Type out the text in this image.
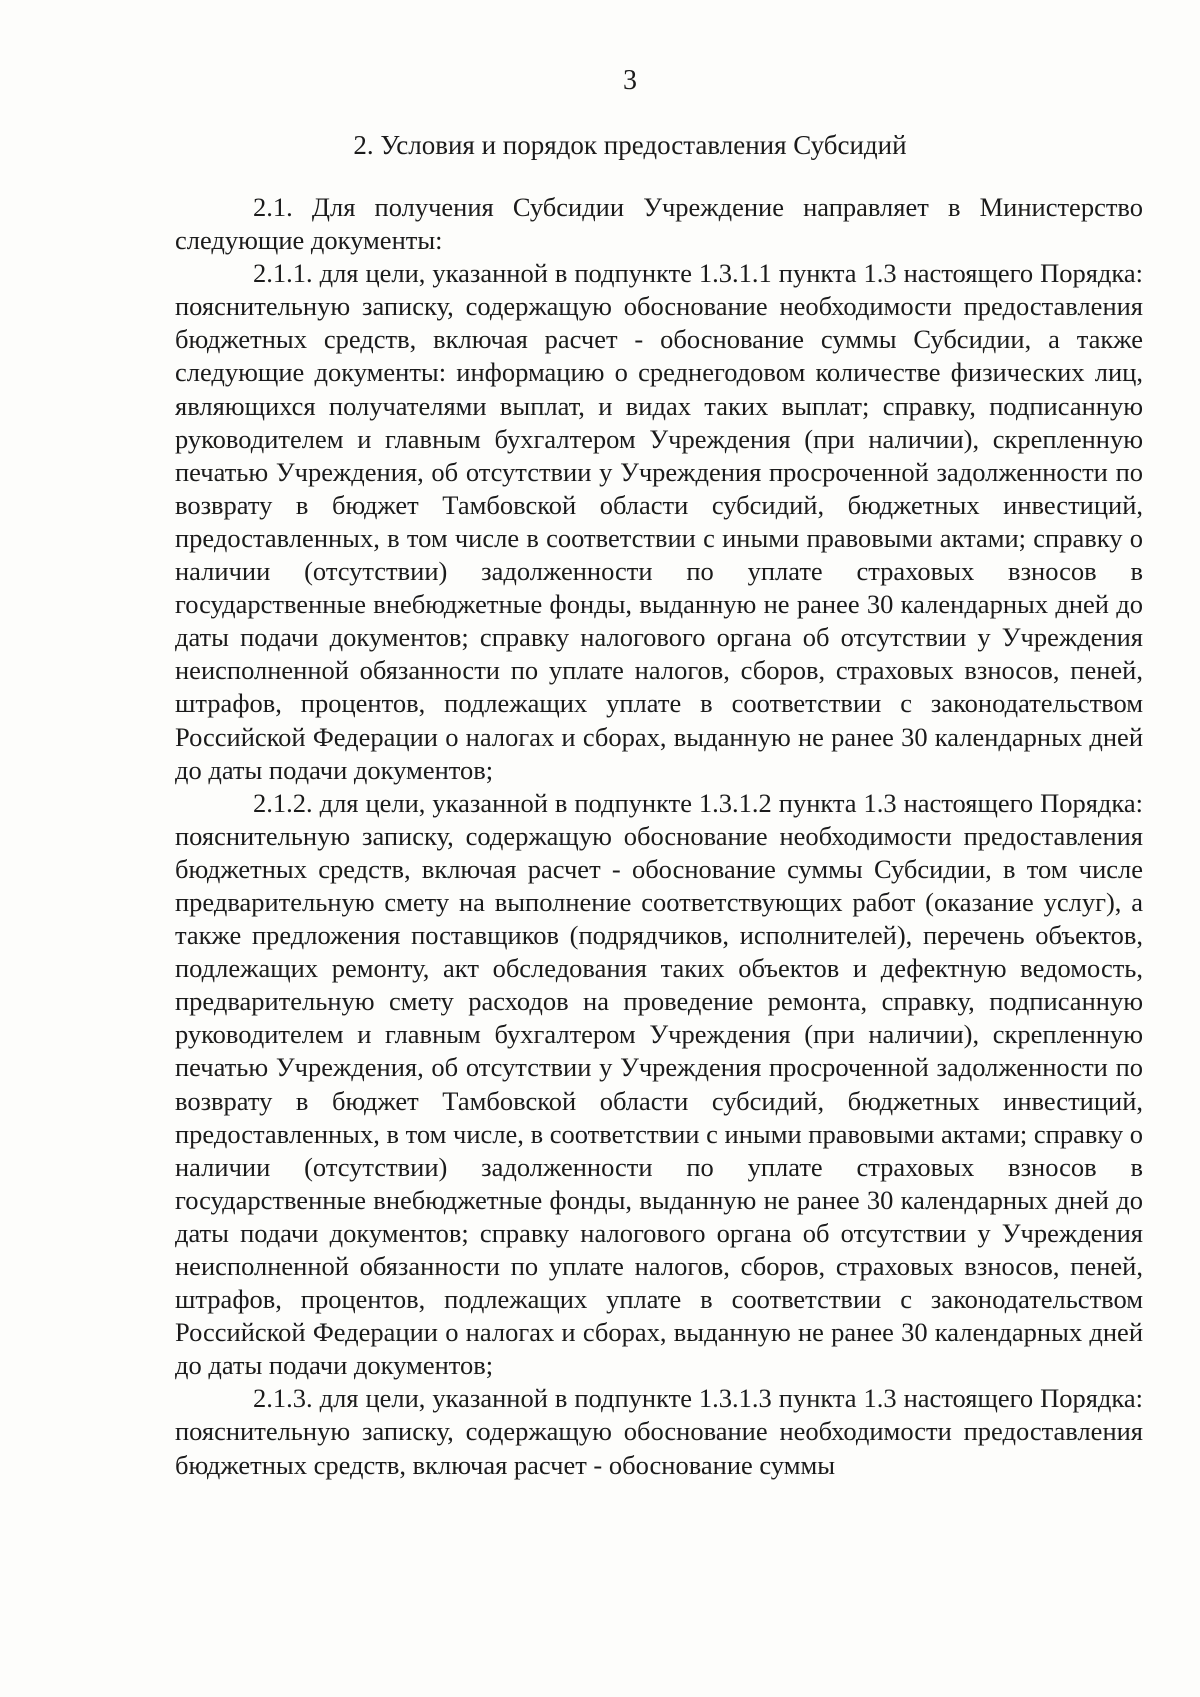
3
2. Условия и порядок предоставления Субсидий

2.1. Для получения Субсидии Учреждение направляет в Министерство следующие документы:

2.1.1. для цели, указанной в подпункте 1.3.1.1 пункта 1.3 настоящего Порядка: пояснительную записку, содержащую обоснование необходимости предоставления бюджетных средств, включая расчет - обоснование суммы Субсидии, а также следующие документы: информацию о среднегодовом количестве физических лиц, являющихся получателями выплат, и видах таких выплат; справку, подписанную руководителем и главным бухгалтером Учреждения (при наличии), скрепленную печатью Учреждения, об отсутствии у Учреждения просроченной задолженности по возврату в бюджет Тамбовской области субсидий, бюджетных инвестиций, предоставленных, в том числе в соответствии с иными правовыми актами; справку о наличии (отсутствии) задолженности по уплате страховых взносов в государственные внебюджетные фонды, выданную не ранее 30 календарных дней до даты подачи документов; справку налогового органа об отсутствии у Учреждения неисполненной обязанности по уплате налогов, сборов, страховых взносов, пеней, штрафов, процентов, подлежащих уплате в соответствии с законодательством Российской Федерации о налогах и сборах, выданную не ранее 30 календарных дней до даты подачи документов;

2.1.2. для цели, указанной в подпункте 1.3.1.2 пункта 1.3 настоящего Порядка: пояснительную записку, содержащую обоснование необходимости предоставления бюджетных средств, включая расчет - обоснование суммы Субсидии, в том числе предварительную смету на выполнение соответствующих работ (оказание услуг), а также предложения поставщиков (подрядчиков, исполнителей), перечень объектов, подлежащих ремонту, акт обследования таких объектов и дефектную ведомость, предварительную смету расходов на проведение ремонта, справку, подписанную руководителем и главным бухгалтером Учреждения (при наличии), скрепленную печатью Учреждения, об отсутствии у Учреждения просроченной задолженности по возврату в бюджет Тамбовской области субсидий, бюджетных инвестиций, предоставленных, в том числе, в соответствии с иными правовыми актами; справку о наличии (отсутствии) задолженности по уплате страховых взносов в государственные внебюджетные фонды, выданную не ранее 30 календарных дней до даты подачи документов; справку налогового органа об отсутствии у Учреждения неисполненной обязанности по уплате налогов, сборов, страховых взносов, пеней, штрафов, процентов, подлежащих уплате в соответствии с законодательством Российской Федерации о налогах и сборах, выданную не ранее 30 календарных дней до даты подачи документов;

2.1.3. для цели, указанной в подпункте 1.3.1.3 пункта 1.3 настоящего Порядка: пояснительную записку, содержащую обоснование необходимости предоставления бюджетных средств, включая расчет - обоснование суммы
